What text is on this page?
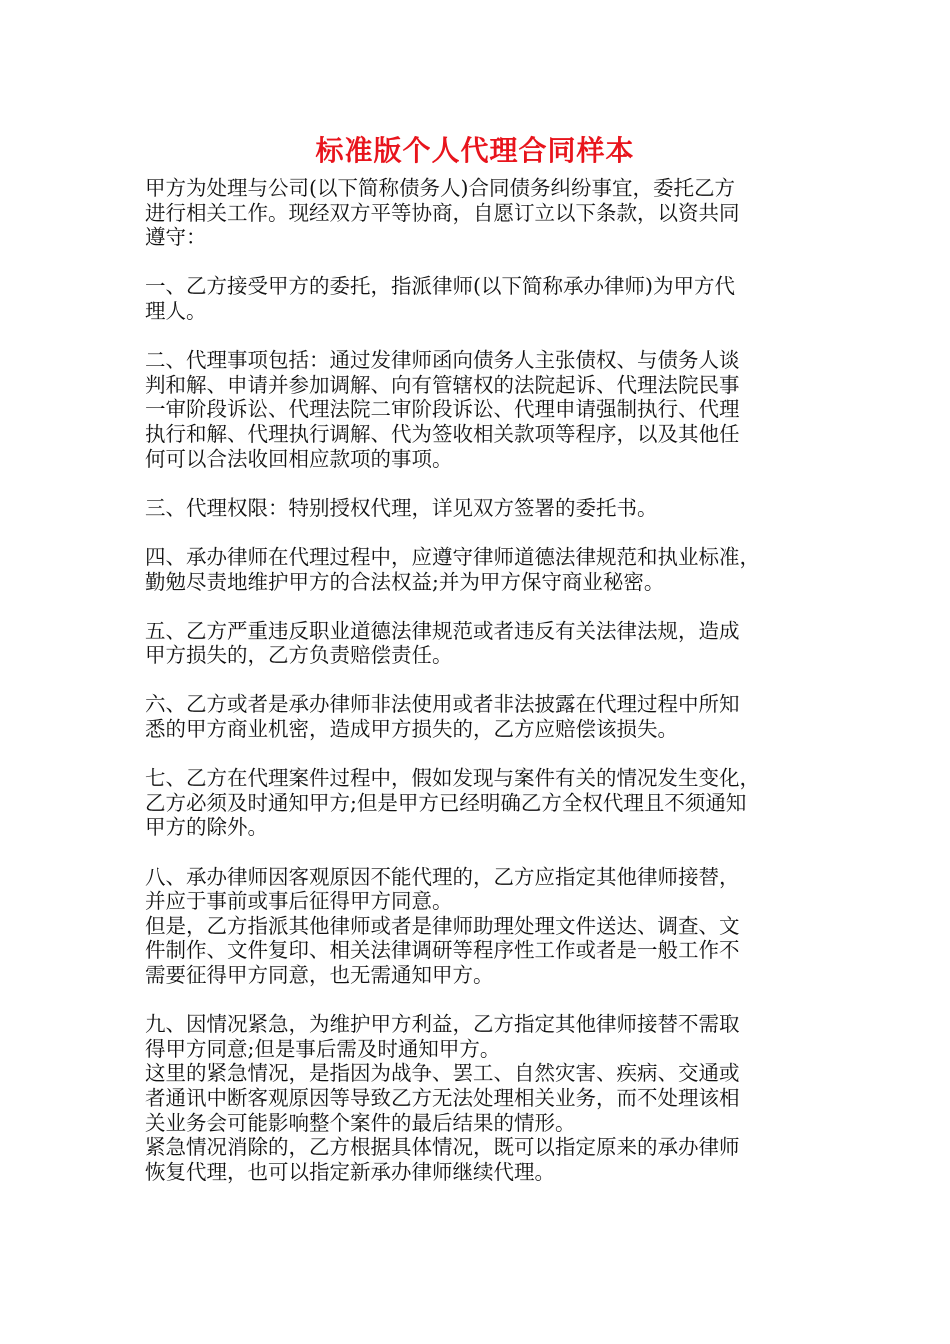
标准版个人代理合同样本

甲方为处理与公司(以下简称债务人)合同债务纠纷事宜，委托乙方
进行相关工作。现经双方平等协商，自愿订立以下条款，以资共同
遵守：

一、乙方接受甲方的委托，指派律师(以下简称承办律师)为甲方代
理人。

二、代理事项包括：通过发律师函向债务人主张债权、与债务人谈
判和解、申请并参加调解、向有管辖权的法院起诉、代理法院民事
一审阶段诉讼、代理法院二审阶段诉讼、代理申请强制执行、代理
执行和解、代理执行调解、代为签收相关款项等程序，以及其他任
何可以合法收回相应款项的事项。

三、代理权限：特别授权代理，详见双方签署的委托书。

四、承办律师在代理过程中，应遵守律师道德法律规范和执业标准，
勤勉尽责地维护甲方的合法权益;并为甲方保守商业秘密。

五、乙方严重违反职业道德法律规范或者违反有关法律法规，造成
甲方损失的，乙方负责赔偿责任。

六、乙方或者是承办律师非法使用或者非法披露在代理过程中所知
悉的甲方商业机密，造成甲方损失的，乙方应赔偿该损失。

七、乙方在代理案件过程中，假如发现与案件有关的情况发生变化，
乙方必须及时通知甲方;但是甲方已经明确乙方全权代理且不须通知
甲方的除外。

八、承办律师因客观原因不能代理的，乙方应指定其他律师接替，
并应于事前或事后征得甲方同意。
但是，乙方指派其他律师或者是律师助理处理文件送达、调查、文
件制作、文件复印、相关法律调研等程序性工作或者是一般工作不
需要征得甲方同意，也无需通知甲方。

九、因情况紧急，为维护甲方利益，乙方指定其他律师接替不需取
得甲方同意;但是事后需及时通知甲方。
这里的紧急情况，是指因为战争、罢工、自然灾害、疾病、交通或
者通讯中断客观原因等导致乙方无法处理相关业务，而不处理该相
关业务会可能影响整个案件的最后结果的情形。
紧急情况消除的，乙方根据具体情况，既可以指定原来的承办律师
恢复代理，也可以指定新承办律师继续代理。
